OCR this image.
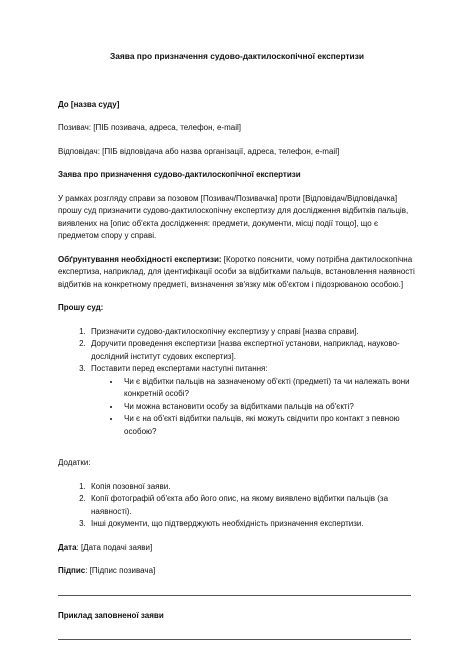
Заява про призначення судово-дактилоскопічної експертизи

До [назва суду]

Позивач: [ПІБ позивача, адреса, телефон, e-mail]

Відповідач: [ПІБ відповідача або назва організації, адреса, телефон, e-mail]

Заява про призначення судово-дактилоскопічної експертизи

У рамках розгляду справи за позовом [Позивач/Позивачка] проти [Відповідач/Відповідачка] прошу суд призначити судово-дактилоскопічну експертизу для дослідження відбитків пальців, виявлених на [опис об'єкта дослідження: предмети, документи, місці події тощо], що є предметом спору у справі.

Обґрунтування необхідності експертизи: [Коротко пояснити, чому потрібна дактилоскопічна експертиза, наприклад, для ідентифікації особи за відбитками пальців, встановлення наявності відбитків на конкретному предметі, визначення зв'язку між об'єктом і підозрюваною особою.]

Прошу суд:

1. Призначити судово-дактилоскопічну експертизу у справі [назва справи].
2. Доручити проведення експертизи [назва експертної установи, наприклад, науково-дослідний інститут судових експертиз].
3. Поставити перед експертами наступні питання:
• Чи є відбитки пальців на зазначеному об'єкті (предметі) та чи належать вони конкретній особі?
• Чи можна встановити особу за відбитками пальців на об'єкті?
• Чи є на об'єкті відбитки пальців, які можуть свідчити про контакт з певною особою?

Додатки:

1. Копія позовної заяви.
2. Копії фотографій об'єкта або його опис, на якому виявлено відбитки пальців (за наявності).
3. Інші документи, що підтверджують необхідність призначення експертизи.

Дата: [Дата подачі заяви]

Підпис: [Підпис позивача]

Приклад заповненої заяви
